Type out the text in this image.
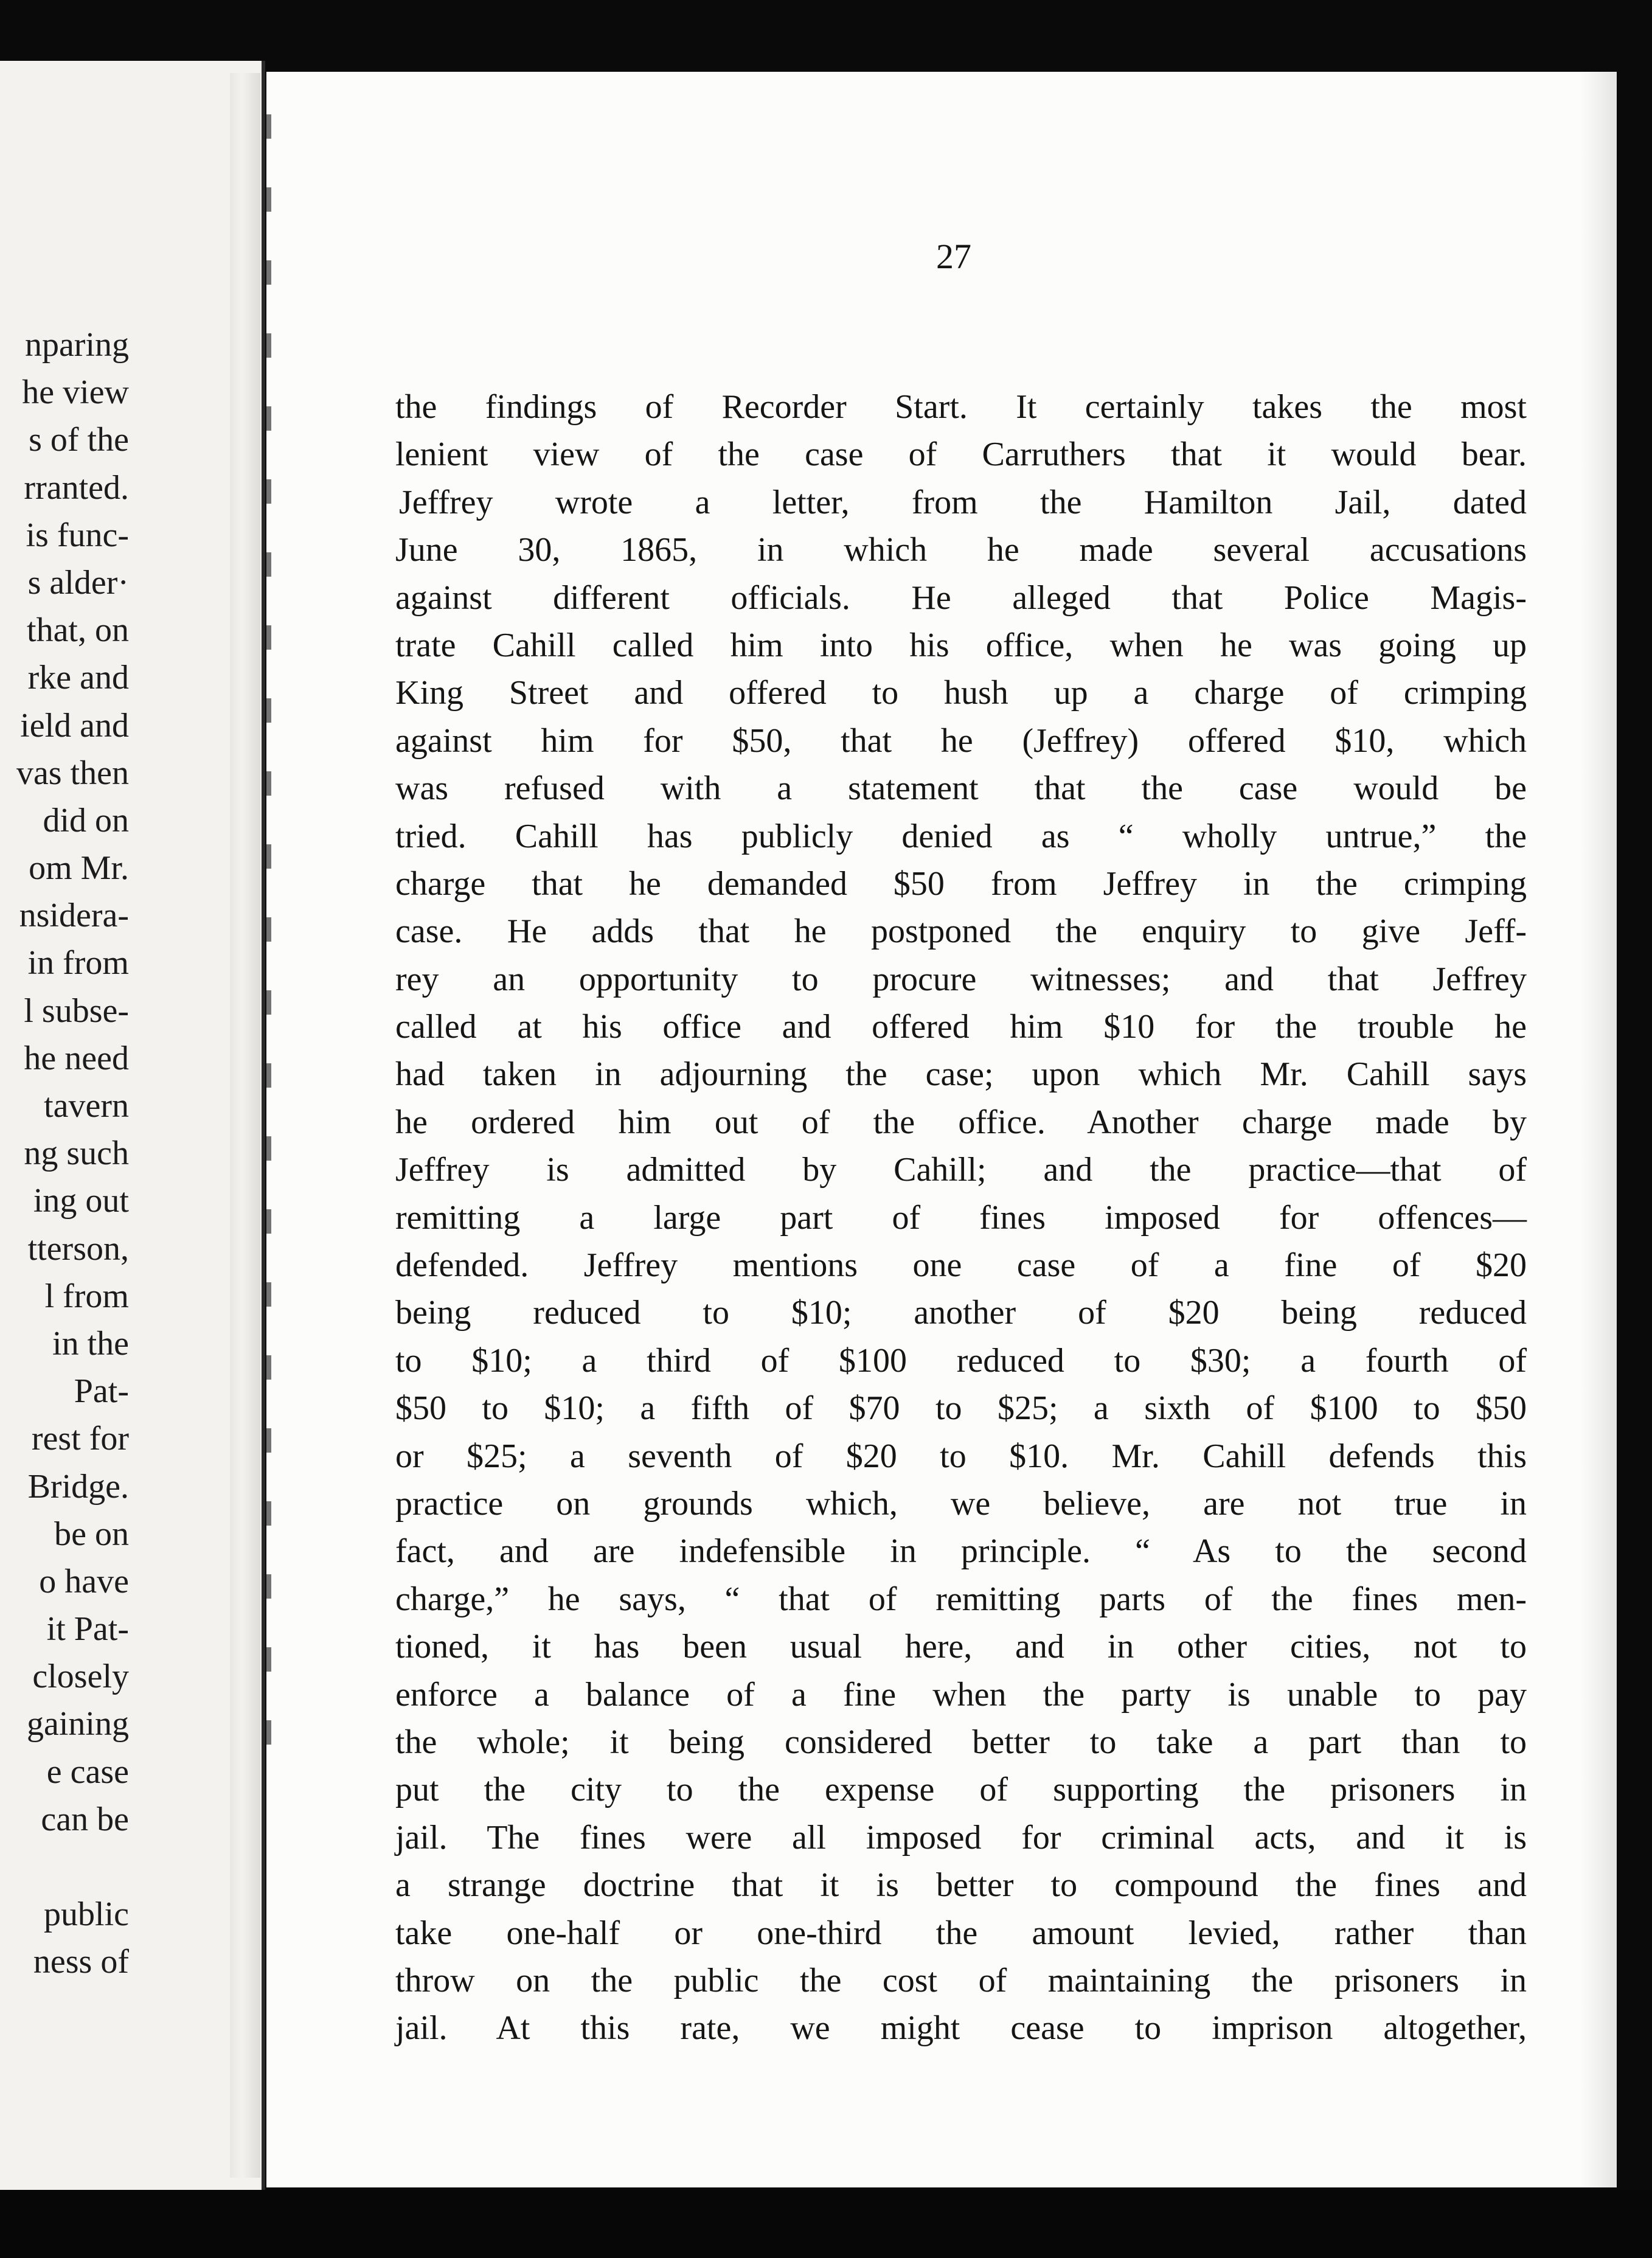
nparing
he view
s of the
rranted.
is func-
s alder·
that, on
rke and
ield and
vas then
did on
om Mr.
nsidera-
in from
l subse-
he need
tavern
ng such
ing out
tterson,
l from
in the
Pat-
rest for
Bridge.
be on
o have
it Pat-
closely
gaining
e case
can be
public
ness of
27
the findings of Recorder Start. It certainly takes the most
lenient view of the case of Carruthers that it would bear.
Jeffrey wrote a letter, from the Hamilton Jail, dated
June 30, 1865, in which he made several accusations
against different officials. He alleged that Police Magis-
trate Cahill called him into his office, when he was going up
King Street and offered to hush up a charge of crimping
against him for $50, that he (Jeffrey) offered $10, which
was refused with a statement that the case would be
tried. Cahill has publicly denied as “ wholly untrue,” the
charge that he demanded $50 from Jeffrey in the crimping
case. He adds that he postponed the enquiry to give Jeff-
rey an opportunity to procure witnesses; and that Jeffrey
called at his office and offered him $10 for the trouble he
had taken in adjourning the case; upon which Mr. Cahill says
he ordered him out of the office. Another charge made by
Jeffrey is admitted by Cahill; and the practice—that of
remitting a large part of fines imposed for offences—
defended. Jeffrey mentions one case of a fine of $20
being reduced to $10; another of $20 being reduced
to $10; a third of $100 reduced to $30; a fourth of
$50 to $10; a fifth of $70 to $25; a sixth of $100 to $50
or $25; a seventh of $20 to $10. Mr. Cahill defends this
practice on grounds which, we believe, are not true in
fact, and are indefensible in principle. “ As to the second
charge,” he says, “ that of remitting parts of the fines men-
tioned, it has been usual here, and in other cities, not to
enforce a balance of a fine when the party is unable to pay
the whole; it being considered better to take a part than to
put the city to the expense of supporting the prisoners in
jail. The fines were all imposed for criminal acts, and it is
a strange doctrine that it is better to compound the fines and
take one-half or one-third the amount levied, rather than
throw on the public the cost of maintaining the prisoners in
jail. At this rate, we might cease to imprison altogether,
